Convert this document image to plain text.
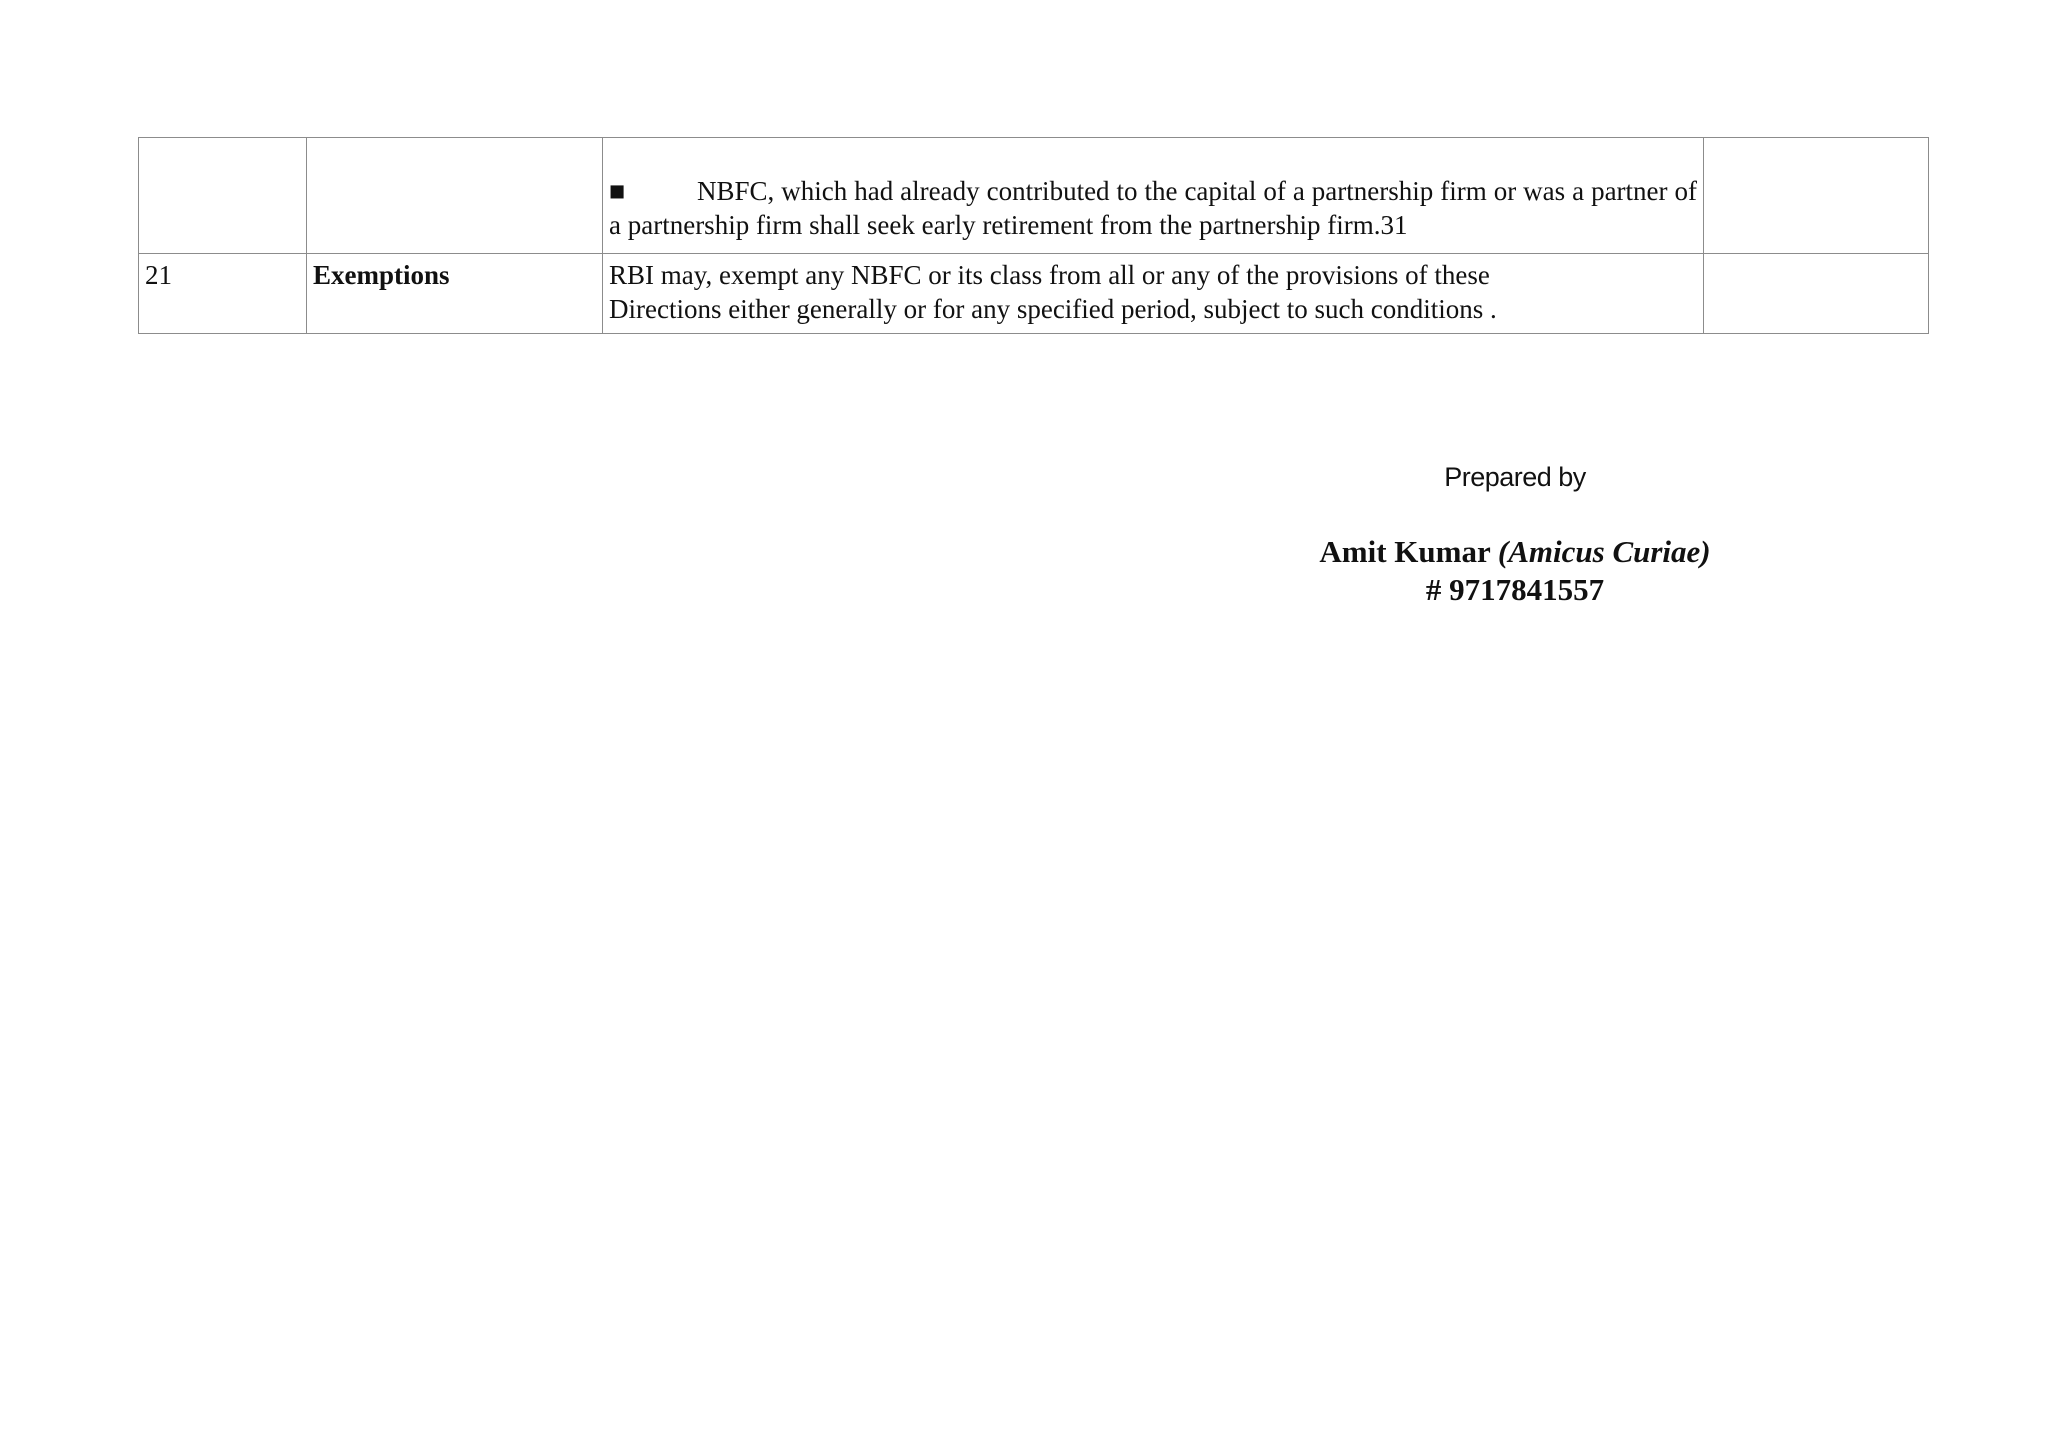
		■ NBFC, which had already contributed to the capital of a partnership firm or was a partner of a partnership firm shall seek early retirement from the partnership firm.31	
21	Exemptions	RBI may, exempt any NBFC or its class from all or any of the provisions of these
Directions either generally or for any specified period, subject to such conditions .	

Prepared by
Amit Kumar (Amicus Curiae)
# 9717841557
